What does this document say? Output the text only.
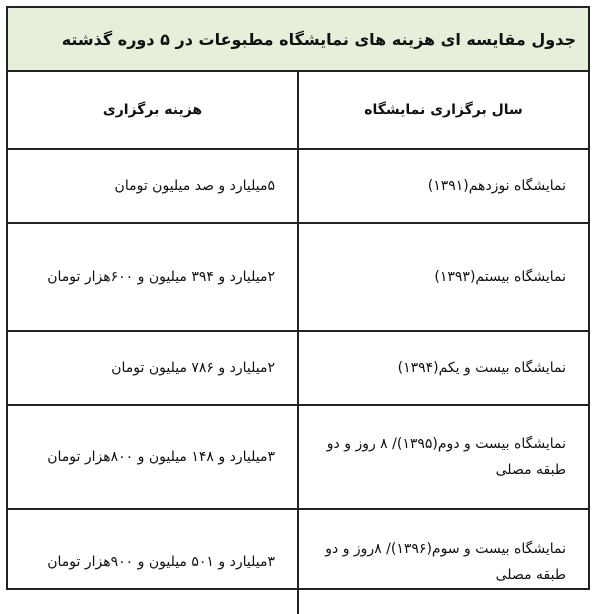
جدول مقایسه ای هزینه های نمایشگاه مطبوعات در ۵ دوره گذشته
سال برگزاری نمایشگاه	هزینه برگزاری
نمایشگاه نوزدهم(۱۳۹۱)	۵میلیارد و صد میلیون تومان
نمایشگاه بیستم(۱۳۹۳)	۲میلیارد و ۳۹۴ میلیون و ۶۰۰هزار تومان
نمایشگاه بیست و یکم(۱۳۹۴)	۲میلیارد و ۷۸۶ میلیون تومان
نمایشگاه بیست و دوم(۱۳۹۵)/ ۸ روز و دو طبقه مصلی	۳میلیارد و ۱۴۸ میلیون و ۸۰۰هزار تومان
نمایشگاه بیست و سوم(۱۳۹۶)/ ۸روز و دو طبقه مصلی	۳میلیارد و ۵۰۱ میلیون و ۹۰۰هزار تومان
